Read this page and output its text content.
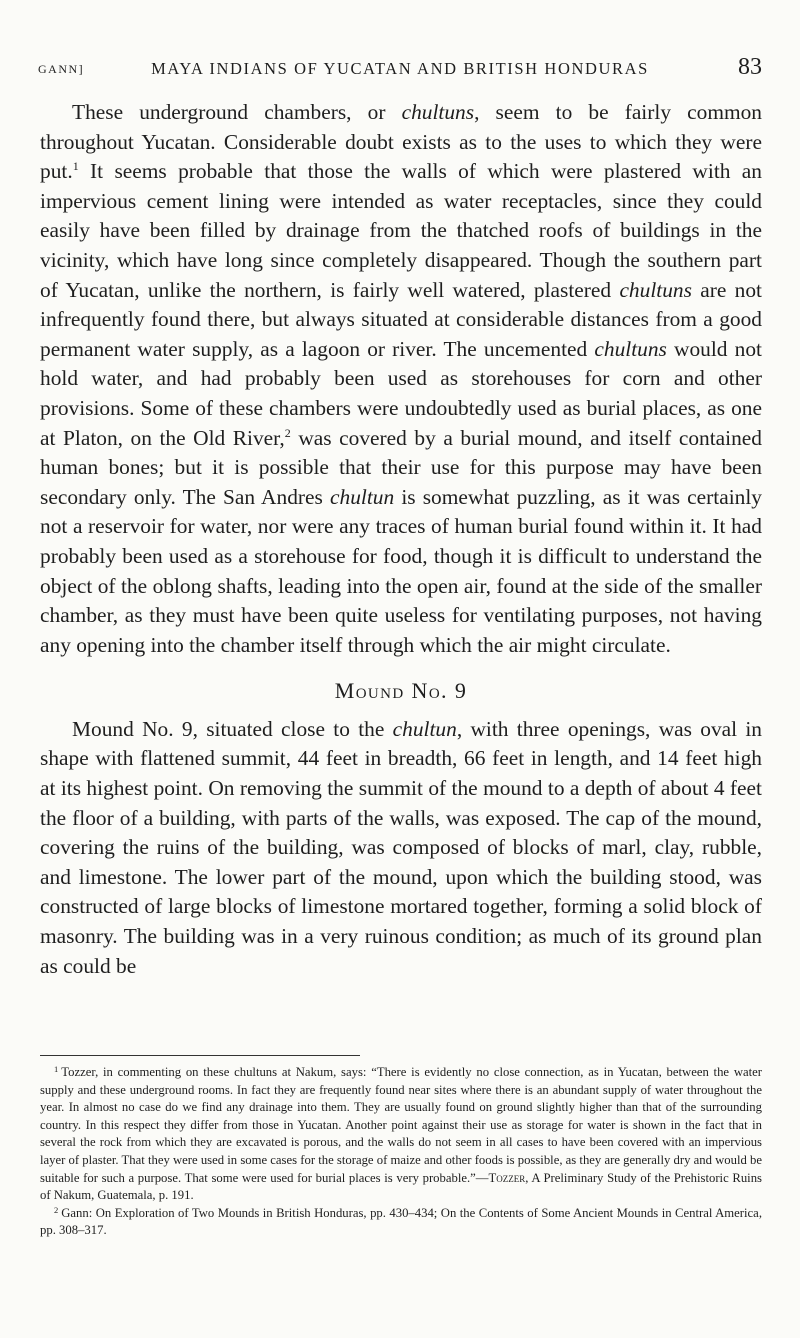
GANN]	MAYA INDIANS OF YUCATAN AND BRITISH HONDURAS	83

These underground chambers, or chultuns, seem to be fairly common throughout Yucatan. Considerable doubt exists as to the uses to which they were put.$^1$ It seems probable that those the walls of which were plastered with an impervious cement lining were intended as water receptacles, since they could easily have been filled by drainage from the thatched roofs of buildings in the vicinity, which have long since completely disappeared. Though the southern part of Yucatan, unlike the northern, is fairly well watered, plastered chultuns are not infrequently found there, but always situated at considerable distances from a good permanent water supply, as a lagoon or river. The uncemented chultuns would not hold water, and had probably been used as storehouses for corn and other provisions. Some of these chambers were undoubtedly used as burial places, as one at Platon, on the Old River,$^2$ was covered by a burial mound, and itself contained human bones; but it is possible that their use for this purpose may have been secondary only. The San Andres chultun is somewhat puzzling, as it was certainly not a reservoir for water, nor were any traces of human burial found within it. It had probably been used as a storehouse for food, though it is difficult to understand the object of the oblong shafts, leading into the open air, found at the side of the smaller chamber, as they must have been quite useless for ventilating purposes, not having any opening into the chamber itself through which the air might circulate.

Mound No. 9

Mound No. 9, situated close to the chultun, with three openings, was oval in shape with flattened summit, 44 feet in breadth, 66 feet in length, and 14 feet high at its highest point. On removing the summit of the mound to a depth of about 4 feet the floor of a building, with parts of the walls, was exposed. The cap of the mound, covering the ruins of the building, was composed of blocks of marl, clay, rubble, and limestone. The lower part of the mound, upon which the building stood, was constructed of large blocks of limestone mortared together, forming a solid block of masonry. The building was in a very ruinous condition; as much of its ground plan as could be

$^1$ Tozzer, in commenting on these chultuns at Nakum, says: “There is evidently no close connection, as in Yucatan, between the water supply and these underground rooms. In fact they are frequently found near sites where there is an abundant supply of water throughout the year. In almost no case do we find any drainage into them. They are usually found on ground slightly higher than that of the surrounding country. In this respect they differ from those in Yucatan. Another point against their use as storage for water is shown in the fact that in several the rock from which they are excavated is porous, and the walls do not seem in all cases to have been covered with an impervious layer of plaster. That they were used in some cases for the storage of maize and other foods is possible, as they are generally dry and would be suitable for such a purpose. That some were used for burial places is very probable.”—Tozzer, A Preliminary Study of the Prehistoric Ruins of Nakum, Guatemala, p. 191.

$^2$ Gann: On Exploration of Two Mounds in British Honduras, pp. 430–434; On the Contents of Some Ancient Mounds in Central America, pp. 308–317.
